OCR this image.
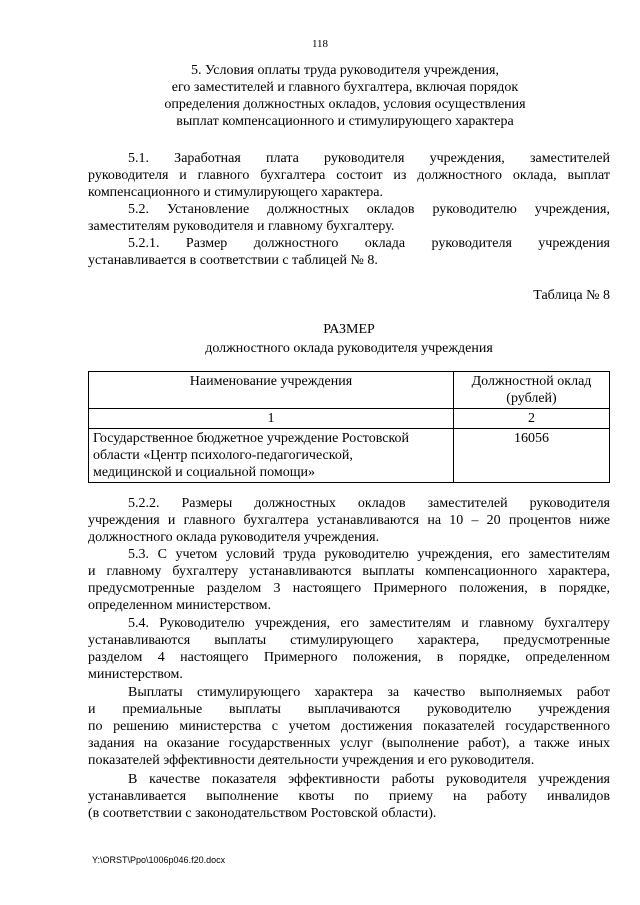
118
5. Условия оплаты труда руководителя учреждения,
его заместителей и главного бухгалтера, включая порядок
определения должностных окладов, условия осуществления
выплат компенсационного и стимулирующего характера
5.1. Заработная плата руководителя учреждения, заместителей
руководителя и главного бухгалтера состоит из должностного оклада, выплат
компенсационного и стимулирующего характера.
5.2. Установление должностных окладов руководителю учреждения,
заместителям руководителя и главному бухгалтеру.
5.2.1. Размер должностного оклада руководителя учреждения
устанавливается в соответствии с таблицей № 8.
Таблица № 8
РАЗМЕР
должностного оклада руководителя учреждения
Наименование учреждения	Должностной оклад
(рублей)
1	2
Государственное бюджетное учреждение Ростовской
области «Центр психолого-педагогической,
медицинской и социальной помощи»	16056
5.2.2. Размеры должностных окладов заместителей руководителя
учреждения и главного бухгалтера устанавливаются на 10 – 20 процентов ниже
должностного оклада руководителя учреждения.
5.3. С учетом условий труда руководителю учреждения, его заместителям
и главному бухгалтеру устанавливаются выплаты компенсационного характера,
предусмотренные разделом 3 настоящего Примерного положения, в порядке,
определенном министерством.
5.4. Руководителю учреждения, его заместителям и главному бухгалтеру
устанавливаются выплаты стимулирующего характера, предусмотренные
разделом 4 настоящего Примерного положения, в порядке, определенном
министерством.
Выплаты стимулирующего характера за качество выполняемых работ
и премиальные выплаты выплачиваются руководителю учреждения
по решению министерства с учетом достижения показателей государственного
задания на оказание государственных услуг (выполнение работ), а также иных
показателей эффективности деятельности учреждения и его руководителя.
В качестве показателя эффективности работы руководителя учреждения
устанавливается выполнение квоты по приему на работу инвалидов
(в соответствии с законодательством Ростовской области).
Y:\ORST\Ppo\1006p046.f20.docx
